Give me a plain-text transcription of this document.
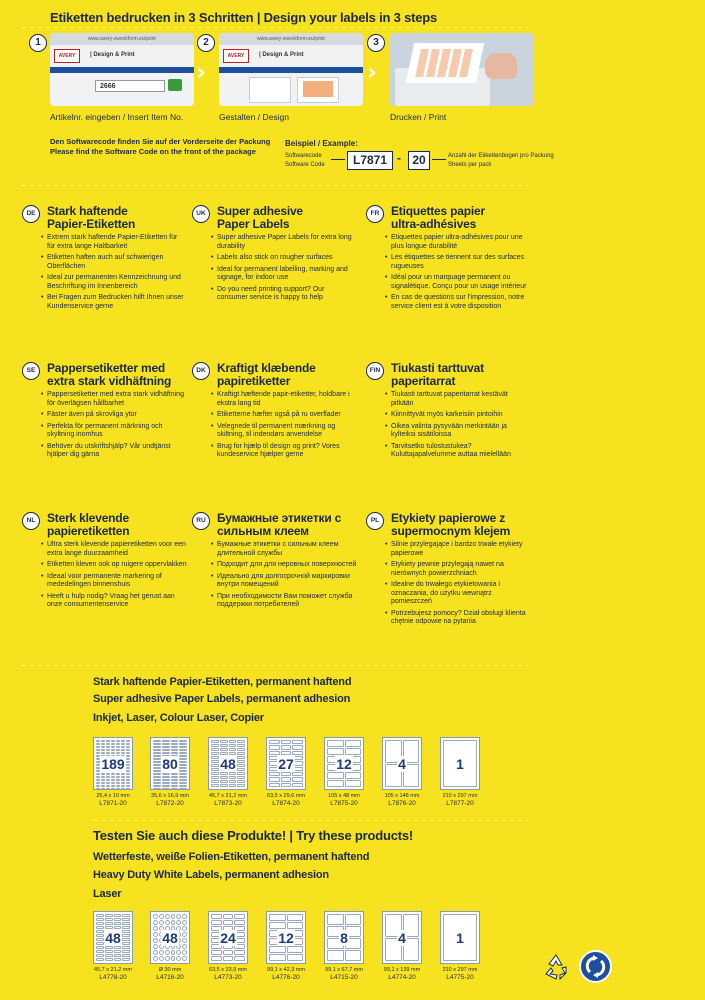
Etiketten bedrucken in 3 Schritten | Design your labels in 3 steps
1	www.avery-zweckform.eu/print
AVERY	| Design & Print
2666
›
2	www.avery-zweckform.eu/print
AVERY	| Design & Print
›
3
Artikelnr. eingeben / Insert Item No.	Gestalten / Design	Drucken / Print
Den Softwarecode finden Sie auf der Vorderseite der Packung
Please find the Software Code on the front of the package
Beispiel / Example:
Softwarecode
Software Code	L7871 - 20	Anzahl der Etikettenbogen pro Packung
Sheets per pack
DE Stark haftende
Papier-Etiketten
• Extrem stark haftende Papier-Etiketten für für extra lange Haltbarkeit
• Etiketten haften auch auf schwierigen Oberflächen
• Ideal zur permanenten Kennzeichnung und Beschriftung im Innenbereich
• Bei Fragen zum Bedrucken hilft Ihnen unser Kundenservice gerne
UK Super adhesive
Paper Labels
• Super adhesive Paper Labels for extra long durability
• Labels also stick on rougher surfaces
• Ideal for permanent labelling, marking and signage, for indoor use
• Do you need printing support? Our consumer service is happy to help
FR Etiquettes papier
ultra-adhésives
• Etiquettes papier ultra-adhésives pour une plus longue durabilité
• Les étiquettes se tiennent sur des surfaces rugueuses
• Idéal pour un marquage permanent ou signalétique. Conçu pour un usage intérieur
• En cas de questions sur l'impression, notre service client est à votre disposition
SE Pappersetiketter med
extra stark vidhäftning
• Pappersetiketter med extra stark vidhäftning för överlägsen hållbarhet
• Fäster även på skrovliga ytor
• Perfekta för permanent märkning och skyltning inomhus
• Behöver du utskriftshjälp? Vår undtjänst hjälper dig gärna
DK Kraftigt klæbende
papiretiketter
• Kraftigt hæftende papir-etiketter, holdbare i ekstra lang tid
• Etiketterne hæfter også på ru overflader
• Velegnede til permanent mærkning og skiltning, til indendørs anvendelse
• Brug for hjælp til design og print? Vores kundeservice hjælper gerne
FIN Tiukasti tarttuvat
paperitarrat
• Tiukasti tarttuvat paperitarrat kestävät pitkään
• Kiinnittyvät myös karkeisiin pintoihin
• Oikea valinta pysyvään merkintään ja kylteiksi sisätiloissa
• Tarvitsetko tulostustukea? Kuluttajapalvelumme auttaa mielellään
NL Sterk klevende
papieretiketten
• Ultra sterk klevende papieretiketten voor een extra lange duurzaamheid
• Etiketten kleven ook op ruigere oppervlakken
• Ideaal voor permanente markering of mededelingen binnenshuis
• Heeft u hulp nodig? Vraag het gerust aan onze consumentenservice
RU Бумажные этикетки с
сильным клеем
• Бумажные этикетки с сильным клеем длительной службы
• Подходит для для неровных поверхностей
• Идеально для долгосрочной маркировки внутри помещений
• При необходимости Вам поможет служба поддержки потребителей
PL Etykiety papierowe z
supermocnym klejem
• Silnie przylegające i bardzo trwałe etykiety papierowe
• Etykiety pewnie przylegają nawet na nierównych powierzchniach
• Idealne do trwałego etykietowania i oznaczania, do użytku wewnątrz pomieszczeń
• Potrzebujesz pomocy? Dział obsługi klienta chętnie odpowie na pytania
Stark haftende Papier-Etiketten, permanent haftend
Super adhesive Paper Labels, permanent adhesion
Inkjet, Laser, Colour Laser, Copier
189
25,4 x 10 mm
L7871-20
80
35,6 x 16,9 mm
L7872-20
48
45,7 x 21,2 mm
L7873-20
27
63,5 x 29,6 mm
L7874-20
12
105 x 48 mm
L7875-20
4
105 x 148 mm
L7876-20
1
210 x 297 mm
L7877-20
Testen Sie auch diese Produkte! | Try these products!
Wetterfeste, weiße Folien-Etiketten, permanent haftend
Heavy Duty White Labels, permanent adhesion
Laser
48
45,7 x 21,2 mm
L4778-20
48
Ø 30 mm
L4716-20
24
63,5 x 33,9 mm
L4773-20
12
99,1 x 42,3 mm
L4776-20
8
99,1 x 67,7 mm
L4715-20
4
99,1 x 139 mm
L4774-20
1
210 x 297 mm
L4775-20
